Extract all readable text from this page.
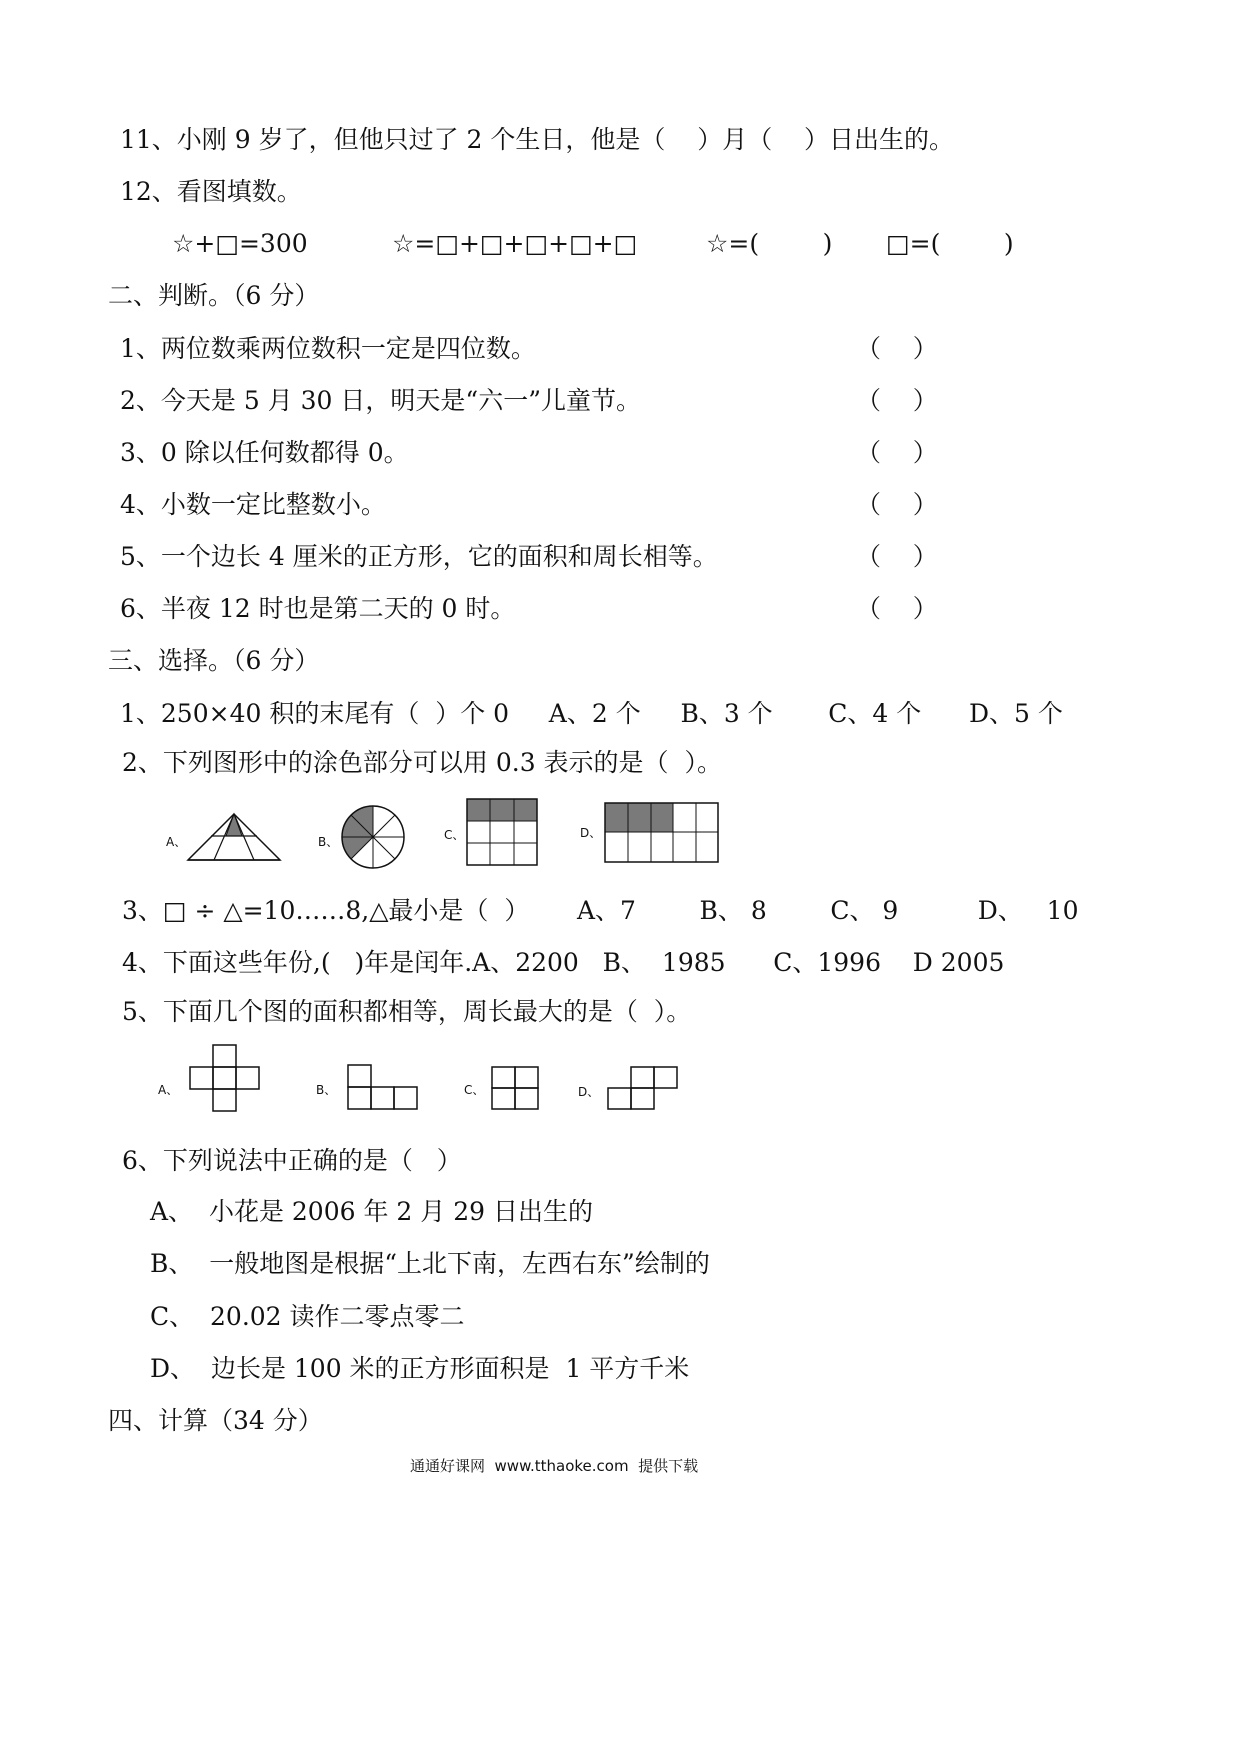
11、小刚 9 岁了，但他只过了 2 个生日，他是（    ）月（    ）日出生的。
12、看图填数。
☆+□=300	☆=□+□+□+□+□	☆=(        ) □=(        )
二、判断。（6 分）
1、两位数乘两位数积一定是四位数。	（    ）
2、今天是 5 月 30 日，明天是“六一”儿童节。	（    ）
3、0 除以任何数都得 0。	（    ）
4、小数一定比整数小。	（    ）
5、一个边长 4 厘米的正方形，它的面积和周长相等。	（    ）
6、半夜 12 时也是第二天的 0 时。	（    ）
三、选择。（6 分）
1、250×40 积的末尾有（  ）个 0     A、2 个     B、3 个       C、4 个      D、5 个
2、下列图形中的涂色部分可以用 0.3 表示的是（  ）。
A、	B、	C、	D、
3、□ ÷ △=10……8,△最小是（  ）      A、7        B、 8        C、 9          D、   10
4、下面这些年份,(   )年是闰年.A、2200   B、  1985      C、1996    D 2005
5、下面几个图的面积都相等，周长最大的是（  ）。
A、	B、	C、	D、
6、下列说法中正确的是（   ）
A、  小花是 2006 年 2 月 29 日出生的
B、  一般地图是根据“上北下南，左西右东”绘制的
C、  20.02 读作二零点零二
D、  边长是 100 米的正方形面积是  1 平方千米
四、计算（34 分）
通通好课网  www.tthaoke.com  提供下载
